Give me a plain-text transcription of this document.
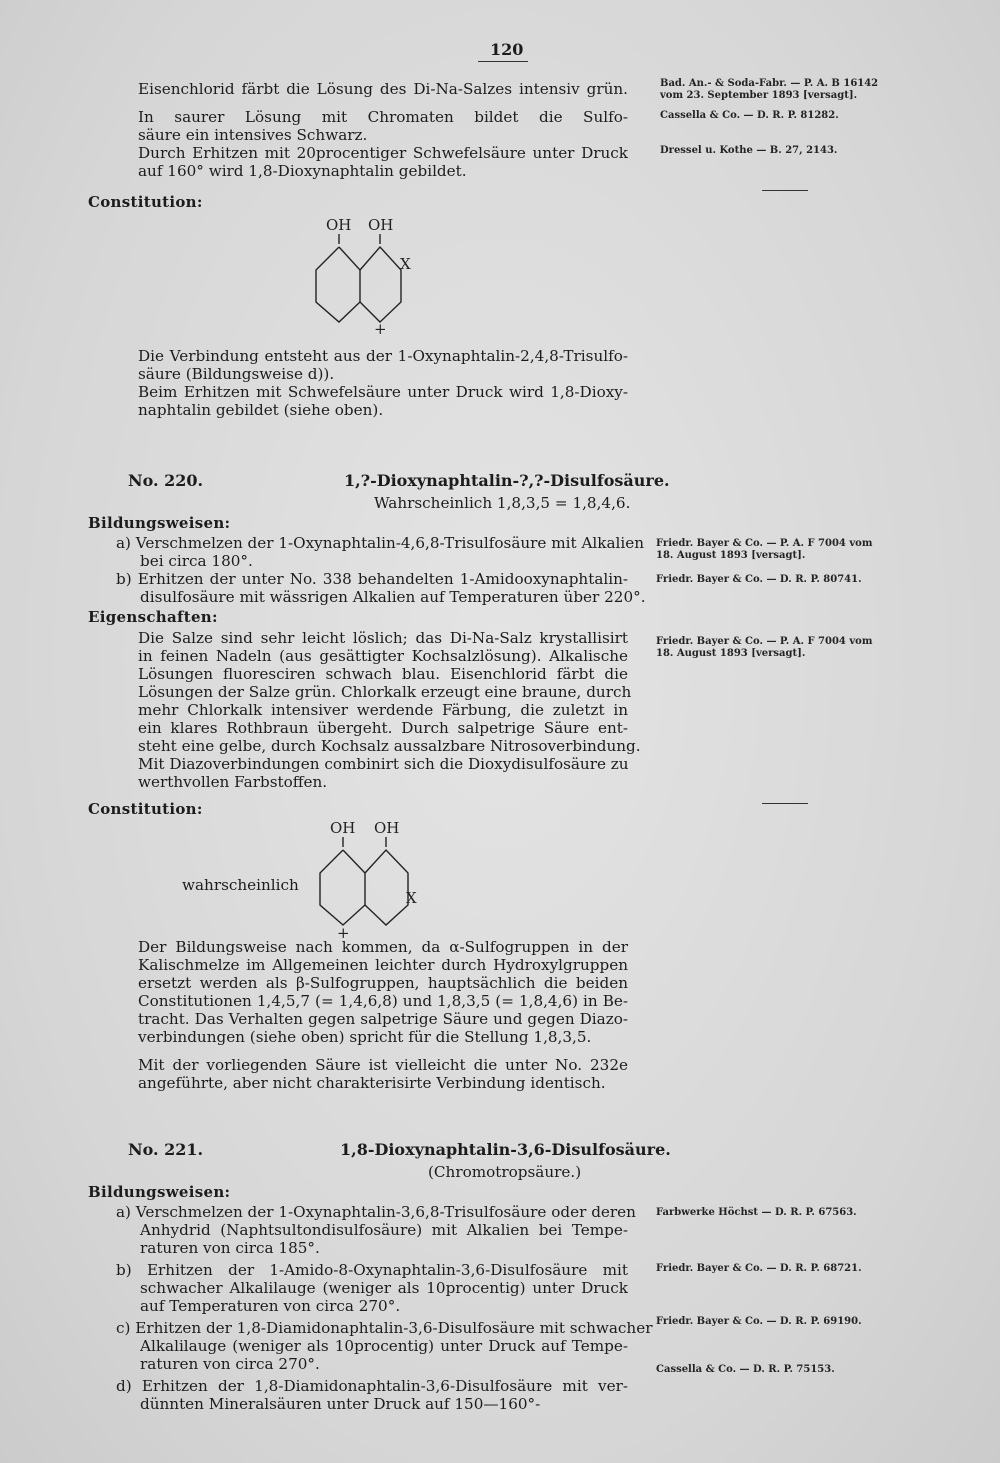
120
Eisenchlorid färbt die Lösung des Di-Na-Salzes intensiv grün.
In saurer Lösung mit Chromaten bildet die Sulfo-
säure ein intensives Schwarz.
Durch Erhitzen mit 20procentiger Schwefelsäure unter Druck
auf 160° wird 1,8-Dioxynaphtalin gebildet.
Constitution:
OH OH
X
+
Die Verbindung entsteht aus der 1-Oxynaphtalin-2,4,8-Trisulfo-
säure (Bildungsweise d)).
Beim Erhitzen mit Schwefelsäure unter Druck wird 1,8-Dioxy-
naphtalin gebildet (siehe oben).
Bad. An.- & Soda-Fabr. — P. A. B 16142
vom 23. September 1893 [versagt].
Cassella & Co. — D. R. P. 81282.
Dressel u. Kothe — B. 27, 2143.
No. 220.	1,?-Dioxynaphtalin-?,?-Disulfosäure.
Wahrscheinlich 1,8,3,5 = 1,8,4,6.
Bildungsweisen:
a) Verschmelzen der 1-Oxynaphtalin-4,6,8-Trisulfosäure mit Alkalien
bei circa 180°.
b) Erhitzen der unter No. 338 behandelten 1-Amidooxynaphtalin-
disulfosäure mit wässrigen Alkalien auf Temperaturen über 220°.
Eigenschaften:
Die Salze sind sehr leicht löslich; das Di-Na-Salz krystallisirt
in feinen Nadeln (aus gesättigter Kochsalzlösung). Alkalische
Lösungen fluoresciren schwach blau. Eisenchlorid färbt die
Lösungen der Salze grün. Chlorkalk erzeugt eine braune, durch
mehr Chlorkalk intensiver werdende Färbung, die zuletzt in
ein klares Rothbraun übergeht. Durch salpetrige Säure ent-
steht eine gelbe, durch Kochsalz aussalzbare Nitrosoverbindung.
Mit Diazoverbindungen combinirt sich die Dioxydisulfosäure zu
werthvollen Farbstoffen.
Constitution:
wahrscheinlich
OH OH
X
+
Der Bildungsweise nach kommen, da α-Sulfogruppen in der
Kalischmelze im Allgemeinen leichter durch Hydroxylgruppen
ersetzt werden als β-Sulfogruppen, hauptsächlich die beiden
Constitutionen 1,4,5,7 (= 1,4,6,8) und 1,8,3,5 (= 1,8,4,6) in Be-
tracht. Das Verhalten gegen salpetrige Säure und gegen Diazo-
verbindungen (siehe oben) spricht für die Stellung 1,8,3,5.
Mit der vorliegenden Säure ist vielleicht die unter No. 232e
angeführte, aber nicht charakterisirte Verbindung identisch.
Friedr. Bayer & Co. — P. A. F 7004 vom
18. August 1893 [versagt].
Friedr. Bayer & Co. — D. R. P. 80741.
Friedr. Bayer & Co. — P. A. F 7004 vom
18. August 1893 [versagt].
No. 221.	1,8-Dioxynaphtalin-3,6-Disulfosäure.
(Chromotropsäure.)
Bildungsweisen:
a) Verschmelzen der 1-Oxynaphtalin-3,6,8-Trisulfosäure oder deren
Anhydrid (Naphtsultondisulfosäure) mit Alkalien bei Tempe-
raturen von circa 185°.
b) Erhitzen der 1-Amido-8-Oxynaphtalin-3,6-Disulfosäure mit
schwacher Alkalilauge (weniger als 10procentig) unter Druck
auf Temperaturen von circa 270°.
c) Erhitzen der 1,8-Diamidonaphtalin-3,6-Disulfosäure mit schwacher
Alkalilauge (weniger als 10procentig) unter Druck auf Tempe-
raturen von circa 270°.
d) Erhitzen der 1,8-Diamidonaphtalin-3,6-Disulfosäure mit ver-
dünnten Mineralsäuren unter Druck auf 150—160°-
Farbwerke Höchst — D. R. P. 67563.
Friedr. Bayer & Co. — D. R. P. 68721.
Friedr. Bayer & Co. — D. R. P. 69190.
Cassella & Co. — D. R. P. 75153.
